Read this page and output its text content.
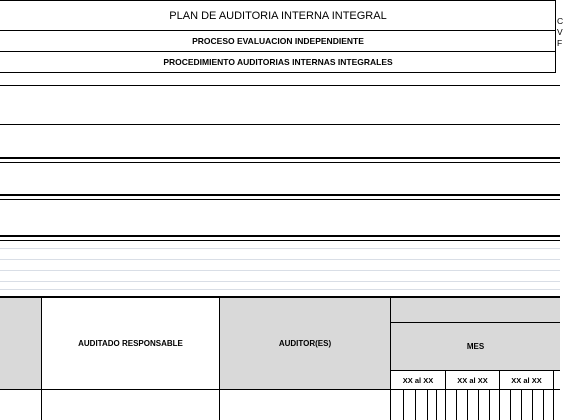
PLAN DE AUDITORIA INTERNA INTEGRAL
PROCESO EVALUACION INDEPENDIENTE
PROCEDIMIENTO AUDITORIAS INTERNAS INTEGRALES
C
V
F
AUDITADO RESPONSABLE	AUDITOR(ES)	MES
XX al XX	XX al XX	XX al XX
